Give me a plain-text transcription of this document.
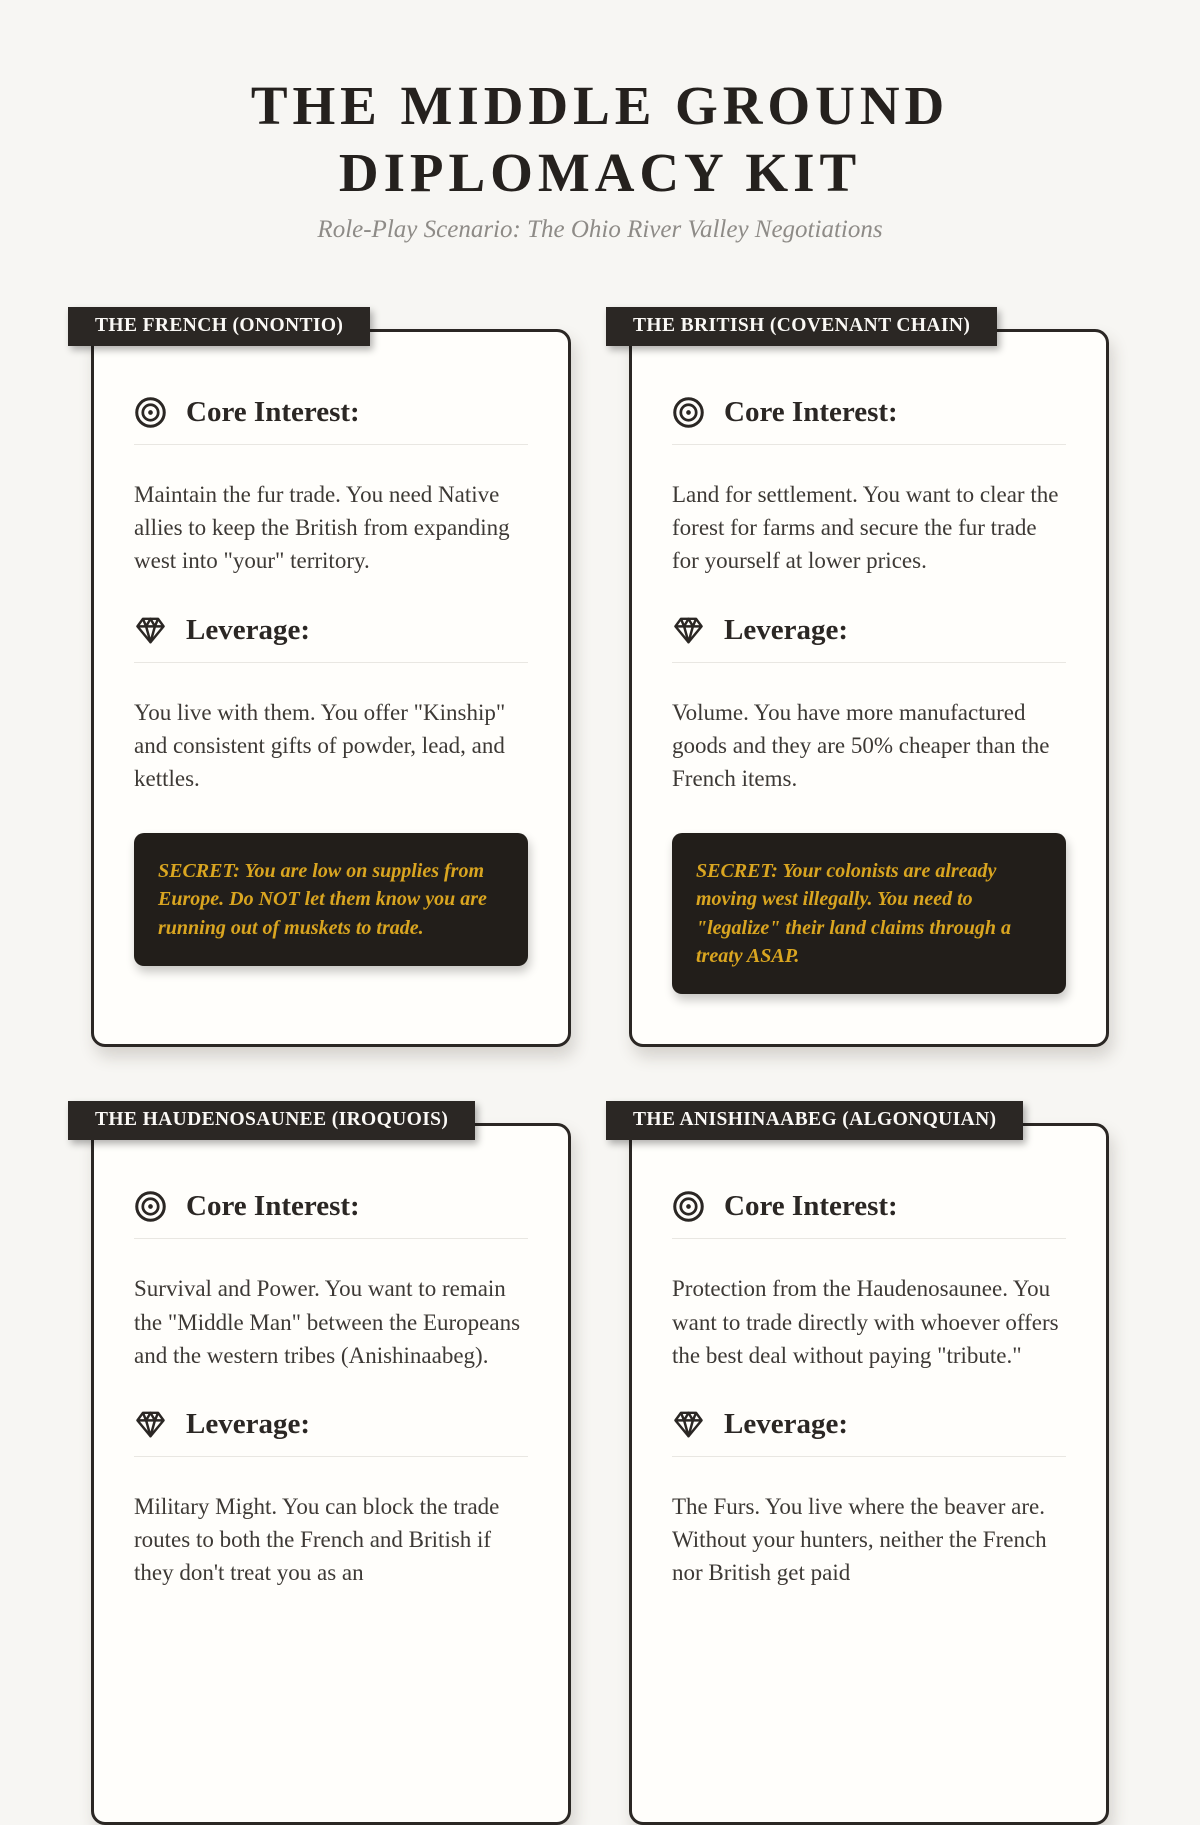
THE MIDDLE GROUND
DIPLOMACY KIT

Role-Play Scenario: The Ohio River Valley Negotiations

THE FRENCH (ONONTIO)
Core Interest:

Maintain the fur trade. You need Native allies to keep the British from expanding west into "your" territory.

Leverage:

You live with them. You offer "Kinship" and consistent gifts of powder, lead, and kettles.

SECRET: You are low on supplies from Europe. Do NOT let them know you are running out of muskets to trade.
THE BRITISH (COVENANT CHAIN)
Core Interest:

Land for settlement. You want to clear the forest for farms and secure the fur trade for yourself at lower prices.

Leverage:

Volume. You have more manufactured goods and they are 50% cheaper than the French items.

SECRET: Your colonists are already moving west illegally. You need to "legalize" their land claims through a treaty ASAP.
THE HAUDENOSAUNEE (IROQUOIS)
Core Interest:

Survival and Power. You want to remain the "Middle Man" between the Europeans and the western tribes (Anishinaabeg).

Leverage:

Military Might. You can block the trade routes to both the French and British if they don't treat you as an

THE ANISHINAABEG (ALGONQUIAN)
Core Interest:

Protection from the Haudenosaunee. You want to trade directly with whoever offers the best deal without paying "tribute."

Leverage:

The Furs. You live where the beaver are. Without your hunters, neither the French nor British get paid
